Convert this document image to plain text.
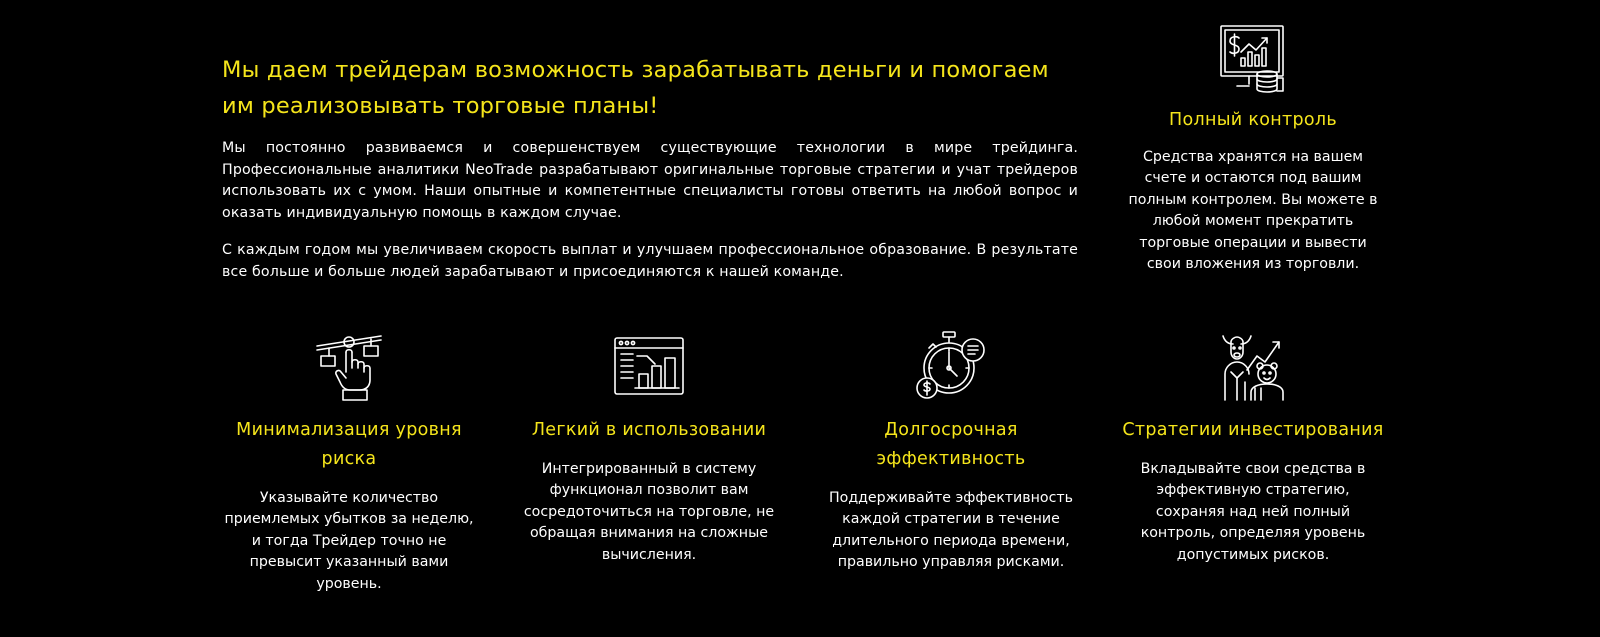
Мы даем трейдерам возможность зарабатывать деньги и помогаем им реализовывать торговые планы!

Мы постоянно развиваемся и совершенствуем существующие технологии в мире трейдинга. Профессиональные аналитики NeoTrade разрабатывают оригинальные торговые стратегии и учат трейдеров использовать их с умом. Наши опытные и компетентные специалисты готовы ответить на любой вопрос и оказать индивидуальную помощь в каждом случае.

С каждым годом мы увеличиваем скорость выплат и улучшаем профессиональное образование. В результате все больше и больше людей зарабатывают и присоединяются к нашей команде.

Полный контроль

Средства хранятся на вашем счете и остаются под вашим полным контролем. Вы можете в любой момент прекратить торговые операции и вывести свои вложения из торговли.

Минимализация уровня риска

Указывайте количество приемлемых убытков за неделю, и тогда Трейдер точно не превысит указанный вами уровень.

Легкий в использовании

Интегрированный в систему функционал позволит вам сосредоточиться на торговле, не обращая внимания на сложные вычисления.

Долгосрочная эффективность

Поддерживайте эффективность каждой стратегии в течение длительного периода времени, правильно управляя рисками.

Стратегии инвестирования

Вкладывайте свои средства в эффективную стратегию, сохраняя над ней полный контроль, определяя уровень допустимых рисков.
